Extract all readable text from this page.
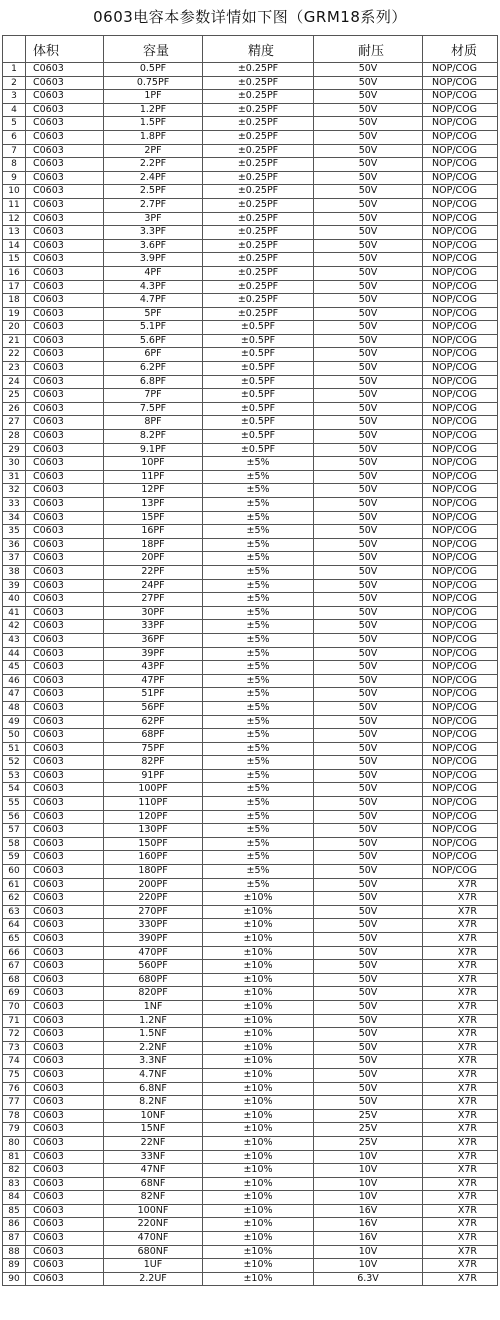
0603电容本参数详情如下图（GRM18系列）
	体积	容量	精度	耐压	材质
1	C0603	0.5PF	±0.25PF	50V	NOP/COG
2	C0603	0.75PF	±0.25PF	50V	NOP/COG
3	C0603	1PF	±0.25PF	50V	NOP/COG
4	C0603	1.2PF	±0.25PF	50V	NOP/COG
5	C0603	1.5PF	±0.25PF	50V	NOP/COG
6	C0603	1.8PF	±0.25PF	50V	NOP/COG
7	C0603	2PF	±0.25PF	50V	NOP/COG
8	C0603	2.2PF	±0.25PF	50V	NOP/COG
9	C0603	2.4PF	±0.25PF	50V	NOP/COG
10	C0603	2.5PF	±0.25PF	50V	NOP/COG
11	C0603	2.7PF	±0.25PF	50V	NOP/COG
12	C0603	3PF	±0.25PF	50V	NOP/COG
13	C0603	3.3PF	±0.25PF	50V	NOP/COG
14	C0603	3.6PF	±0.25PF	50V	NOP/COG
15	C0603	3.9PF	±0.25PF	50V	NOP/COG
16	C0603	4PF	±0.25PF	50V	NOP/COG
17	C0603	4.3PF	±0.25PF	50V	NOP/COG
18	C0603	4.7PF	±0.25PF	50V	NOP/COG
19	C0603	5PF	±0.25PF	50V	NOP/COG
20	C0603	5.1PF	±0.5PF	50V	NOP/COG
21	C0603	5.6PF	±0.5PF	50V	NOP/COG
22	C0603	6PF	±0.5PF	50V	NOP/COG
23	C0603	6.2PF	±0.5PF	50V	NOP/COG
24	C0603	6.8PF	±0.5PF	50V	NOP/COG
25	C0603	7PF	±0.5PF	50V	NOP/COG
26	C0603	7.5PF	±0.5PF	50V	NOP/COG
27	C0603	8PF	±0.5PF	50V	NOP/COG
28	C0603	8.2PF	±0.5PF	50V	NOP/COG
29	C0603	9.1PF	±0.5PF	50V	NOP/COG
30	C0603	10PF	±5%	50V	NOP/COG
31	C0603	11PF	±5%	50V	NOP/COG
32	C0603	12PF	±5%	50V	NOP/COG
33	C0603	13PF	±5%	50V	NOP/COG
34	C0603	15PF	±5%	50V	NOP/COG
35	C0603	16PF	±5%	50V	NOP/COG
36	C0603	18PF	±5%	50V	NOP/COG
37	C0603	20PF	±5%	50V	NOP/COG
38	C0603	22PF	±5%	50V	NOP/COG
39	C0603	24PF	±5%	50V	NOP/COG
40	C0603	27PF	±5%	50V	NOP/COG
41	C0603	30PF	±5%	50V	NOP/COG
42	C0603	33PF	±5%	50V	NOP/COG
43	C0603	36PF	±5%	50V	NOP/COG
44	C0603	39PF	±5%	50V	NOP/COG
45	C0603	43PF	±5%	50V	NOP/COG
46	C0603	47PF	±5%	50V	NOP/COG
47	C0603	51PF	±5%	50V	NOP/COG
48	C0603	56PF	±5%	50V	NOP/COG
49	C0603	62PF	±5%	50V	NOP/COG
50	C0603	68PF	±5%	50V	NOP/COG
51	C0603	75PF	±5%	50V	NOP/COG
52	C0603	82PF	±5%	50V	NOP/COG
53	C0603	91PF	±5%	50V	NOP/COG
54	C0603	100PF	±5%	50V	NOP/COG
55	C0603	110PF	±5%	50V	NOP/COG
56	C0603	120PF	±5%	50V	NOP/COG
57	C0603	130PF	±5%	50V	NOP/COG
58	C0603	150PF	±5%	50V	NOP/COG
59	C0603	160PF	±5%	50V	NOP/COG
60	C0603	180PF	±5%	50V	NOP/COG
61	C0603	200PF	±5%	50V	X7R
62	C0603	220PF	±10%	50V	X7R
63	C0603	270PF	±10%	50V	X7R
64	C0603	330PF	±10%	50V	X7R
65	C0603	390PF	±10%	50V	X7R
66	C0603	470PF	±10%	50V	X7R
67	C0603	560PF	±10%	50V	X7R
68	C0603	680PF	±10%	50V	X7R
69	C0603	820PF	±10%	50V	X7R
70	C0603	1NF	±10%	50V	X7R
71	C0603	1.2NF	±10%	50V	X7R
72	C0603	1.5NF	±10%	50V	X7R
73	C0603	2.2NF	±10%	50V	X7R
74	C0603	3.3NF	±10%	50V	X7R
75	C0603	4.7NF	±10%	50V	X7R
76	C0603	6.8NF	±10%	50V	X7R
77	C0603	8.2NF	±10%	50V	X7R
78	C0603	10NF	±10%	25V	X7R
79	C0603	15NF	±10%	25V	X7R
80	C0603	22NF	±10%	25V	X7R
81	C0603	33NF	±10%	10V	X7R
82	C0603	47NF	±10%	10V	X7R
83	C0603	68NF	±10%	10V	X7R
84	C0603	82NF	±10%	10V	X7R
85	C0603	100NF	±10%	16V	X7R
86	C0603	220NF	±10%	16V	X7R
87	C0603	470NF	±10%	16V	X7R
88	C0603	680NF	±10%	10V	X7R
89	C0603	1UF	±10%	10V	X7R
90	C0603	2.2UF	±10%	6.3V	X7R
